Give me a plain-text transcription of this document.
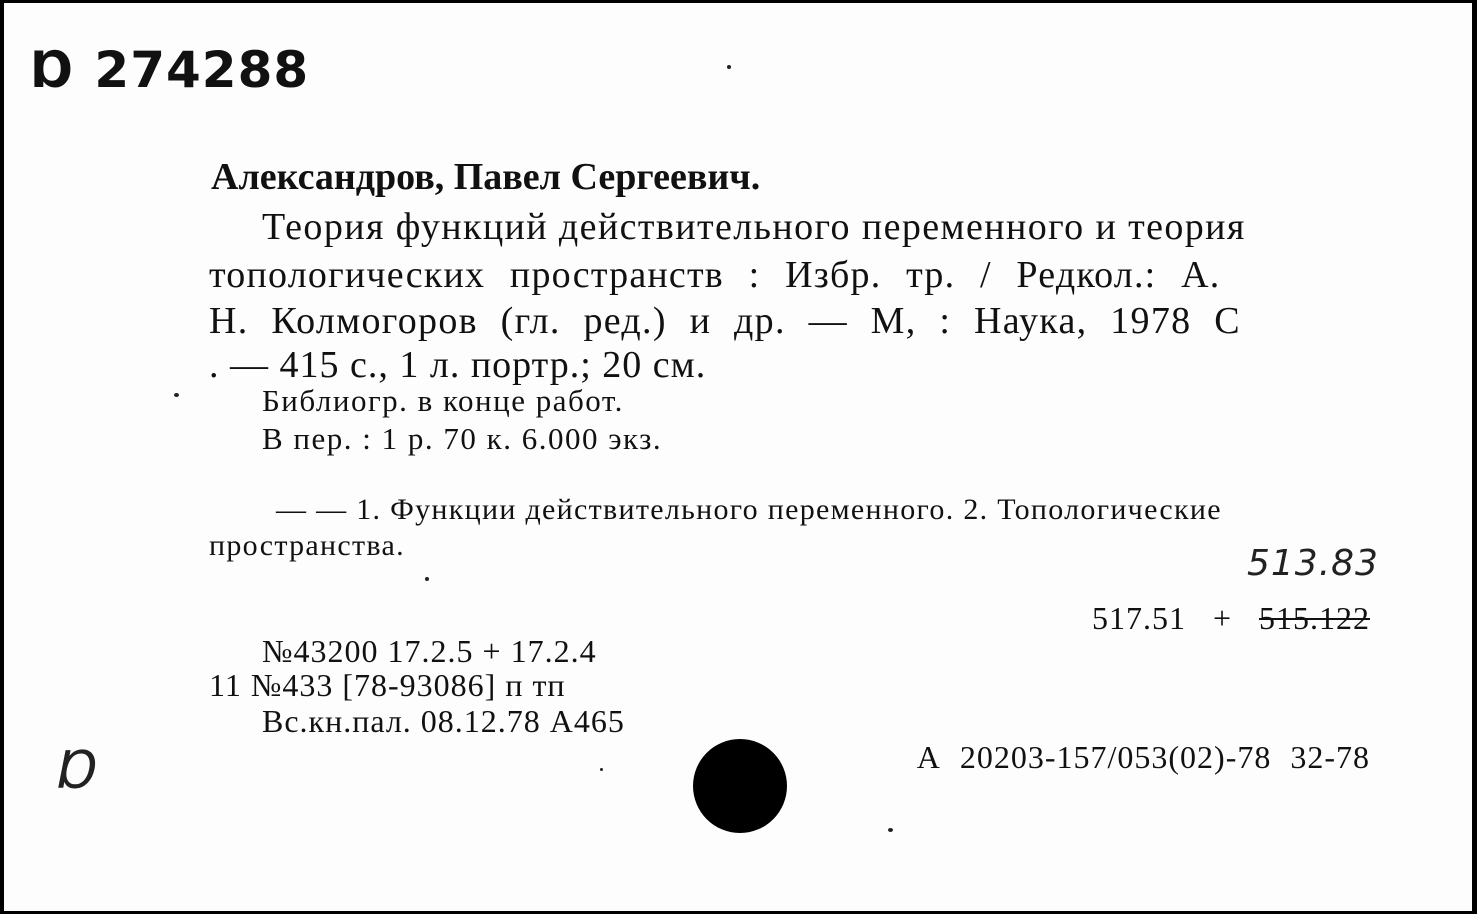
Ɒ 274288
Александров, Павел Сергеевич.
Теория функций действительного переменного и теория
топологических пространств : Избр. тр. / Редкол.: А.
Н. Колмогоров (гл. ред.) и др. — М, : Наука, 1978 С
. — 415 с., 1 л. портр.; 20 см.
Библиогр. в конце работ.
В пер. : 1 р. 70 к. 6.000 экз.
— — 1. Функции действительного переменного. 2. Топологические
пространства.	513.83
517.51 + 515.122
№43200 17.2.5 + 17.2.4
11 №433 [78-93086] п тп
Вс.кн.пал. 08.12.78 А465
А 20203-157/053(02)-78 32-78
Ɒ
